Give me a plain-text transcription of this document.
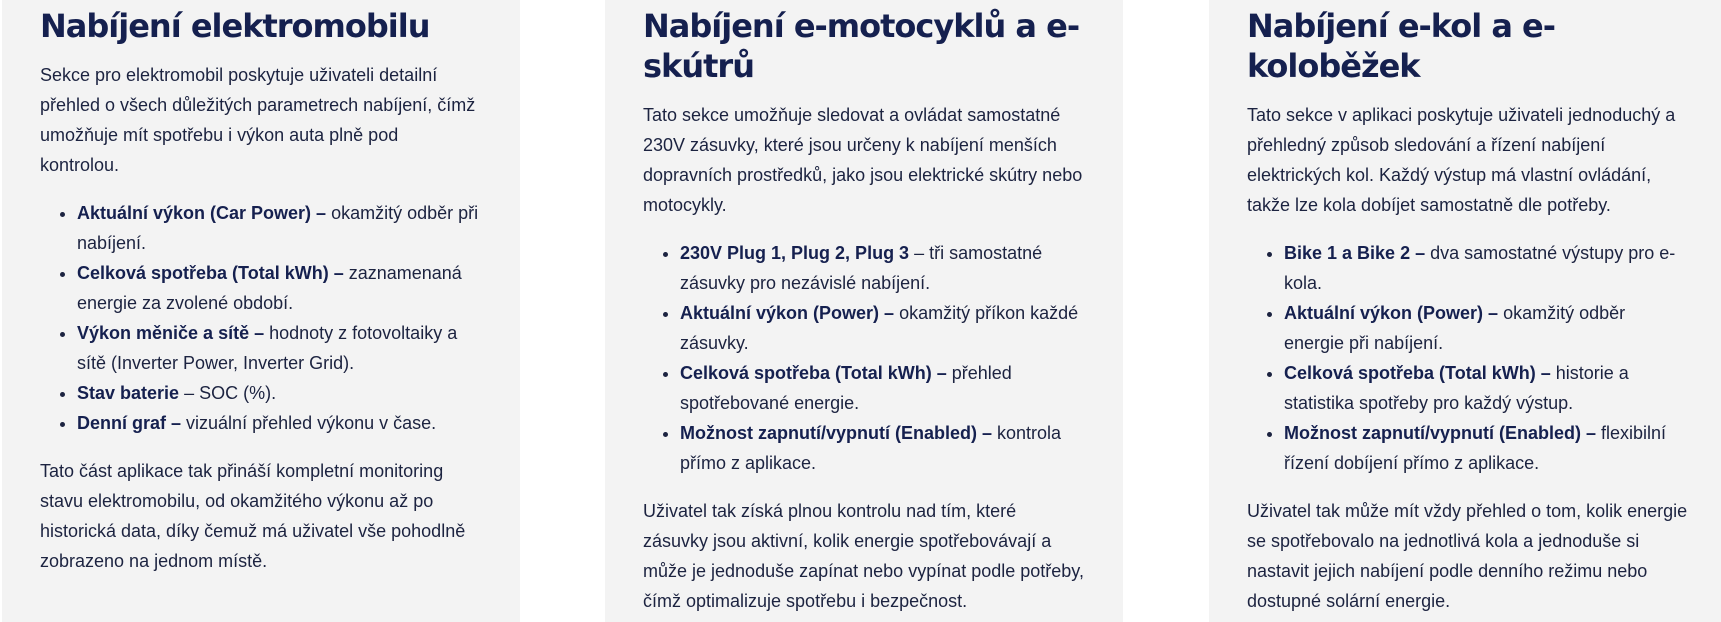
Nabíjení elektromobilu

Sekce pro elektromobil poskytuje uživateli detailní přehled o všech důležitých parametrech nabíjení, čímž umožňuje mít spotřebu i výkon auta plně pod kontrolou.

• Aktuální výkon (Car Power) – okamžitý odběr při nabíjení.
• Celková spotřeba (Total kWh) – zaznamenaná energie za zvolené období.
• Výkon měniče a sítě – hodnoty z fotovoltaiky a sítě (Inverter Power, Inverter Grid).
• Stav baterie – SOC (%).
• Denní graf – vizuální přehled výkonu v čase.

Tato část aplikace tak přináší kompletní monitoring stavu elektromobilu, od okamžitého výkonu až po historická data, díky čemuž má uživatel vše pohodlně zobrazeno na jednom místě.

Nabíjení e-motocyklů a e-skútrů

Tato sekce umožňuje sledovat a ovládat samostatné 230V zásuvky, které jsou určeny k nabíjení menších dopravních prostředků, jako jsou elektrické skútry nebo motocykly.

• 230V Plug 1, Plug 2, Plug 3 – tři samostatné zásuvky pro nezávislé nabíjení.
• Aktuální výkon (Power) – okamžitý příkon každé zásuvky.
• Celková spotřeba (Total kWh) – přehled spotřebované energie.
• Možnost zapnutí/vypnutí (Enabled) – kontrola přímo z aplikace.

Uživatel tak získá plnou kontrolu nad tím, které zásuvky jsou aktivní, kolik energie spotřebovávají a může je jednoduše zapínat nebo vypínat podle potřeby, čímž optimalizuje spotřebu i bezpečnost.

Nabíjení e-kol a e-koloběžek

Tato sekce v aplikaci poskytuje uživateli jednoduchý a přehledný způsob sledování a řízení nabíjení elektrických kol. Každý výstup má vlastní ovládání, takže lze kola dobíjet samostatně dle potřeby.

• Bike 1 a Bike 2 – dva samostatné výstupy pro e-kola.
• Aktuální výkon (Power) – okamžitý odběr energie při nabíjení.
• Celková spotřeba (Total kWh) – historie a statistika spotřeby pro každý výstup.
• Možnost zapnutí/vypnutí (Enabled) – flexibilní řízení dobíjení přímo z aplikace.

Uživatel tak může mít vždy přehled o tom, kolik energie se spotřebovalo na jednotlivá kola a jednoduše si nastavit jejich nabíjení podle denního režimu nebo dostupné solární energie.
